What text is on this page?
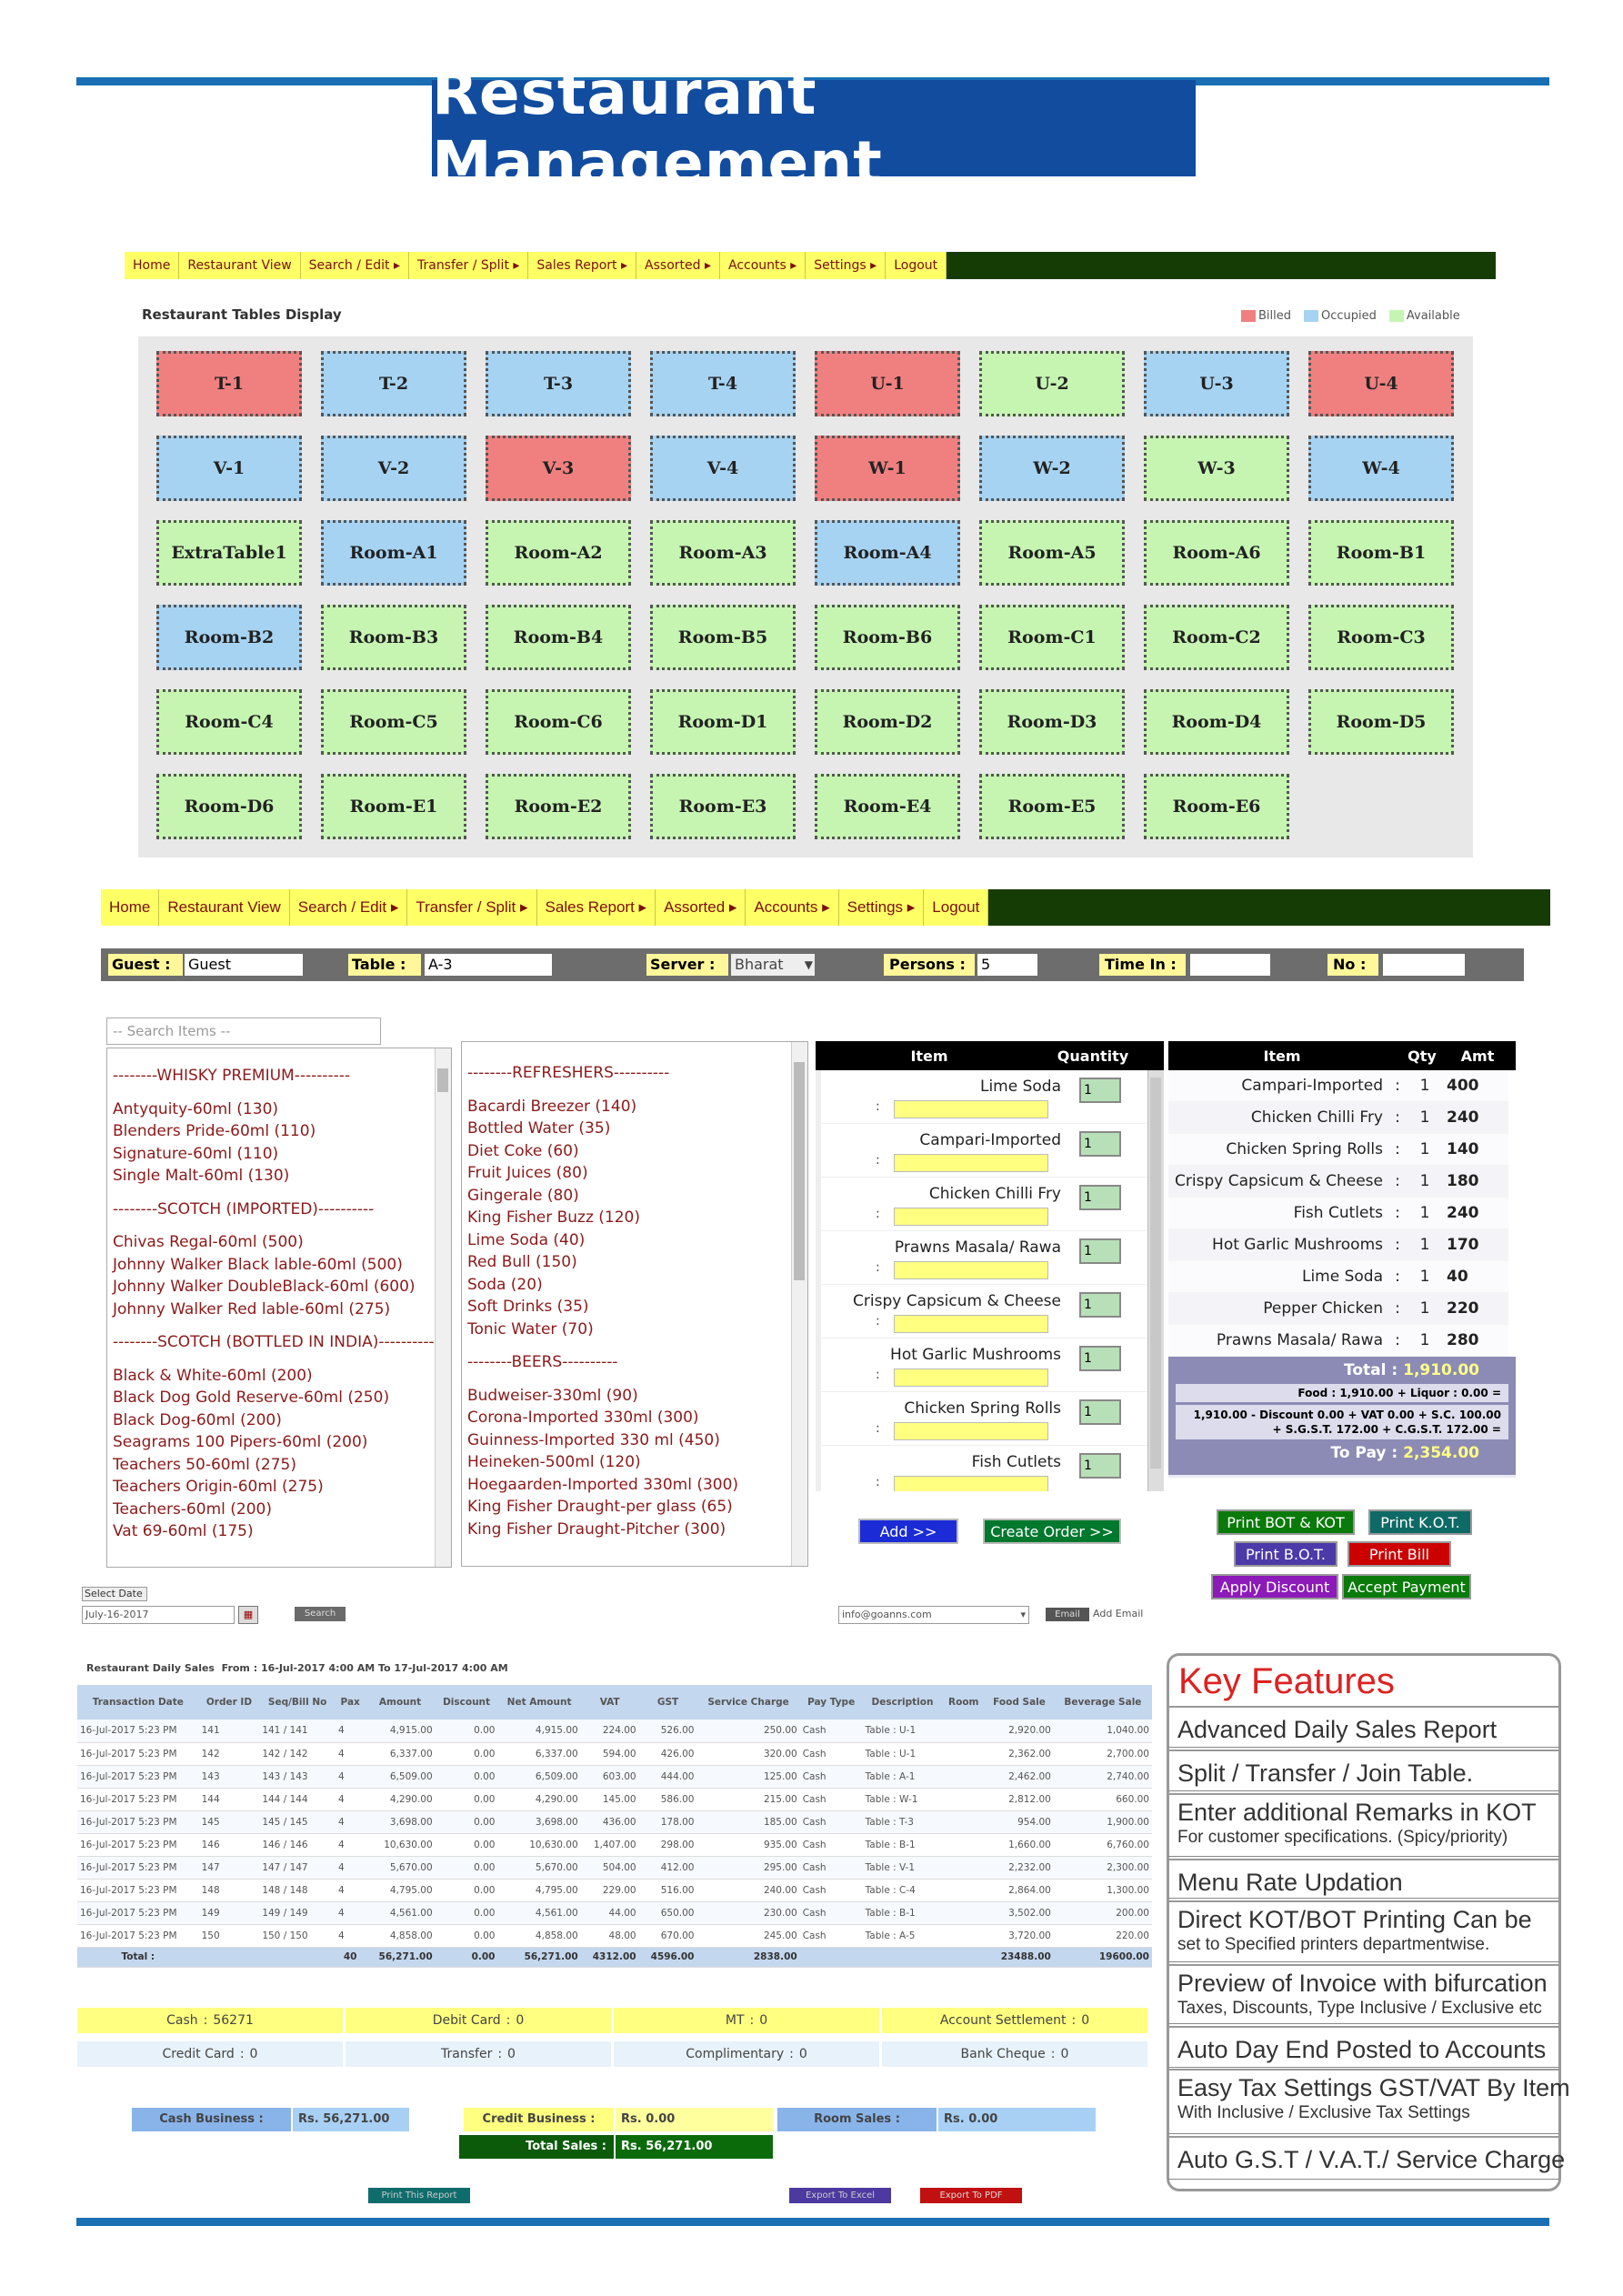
Restaurant Management
Home	Restaurant View	Search / Edit ▸	Transfer / Split ▸	Sales Report ▸	Assorted ▸	Accounts ▸	Settings ▸	Logout
Restaurant Tables Display	Billed	Occupied	Available
T-1	T-2	T-3	T-4	U-1	U-2	U-3	U-4
V-1	V-2	V-3	V-4	W-1	W-2	W-3	W-4
ExtraTable1	Room-A1	Room-A2	Room-A3	Room-A4	Room-A5	Room-A6	Room-B1
Room-B2	Room-B3	Room-B4	Room-B5	Room-B6	Room-C1	Room-C2	Room-C3
Room-C4	Room-C5	Room-C6	Room-D1	Room-D2	Room-D3	Room-D4	Room-D5
Room-D6	Room-E1	Room-E2	Room-E3	Room-E4	Room-E5	Room-E6
Home	Restaurant View	Search / Edit ▸	Transfer / Split ▸	Sales Report ▸	Assorted ▸	Accounts ▸	Settings ▸	Logout
Guest :	Guest	Table :	A-3	Server :	Bharat ▼	Persons :	5	Time In :	No :
-- Search Items --
--------WHISKY PREMIUM----------
Antyquity-60ml (130)
Blenders Pride-60ml (110)
Signature-60ml (110)
Single Malt-60ml (130)
--------SCOTCH (IMPORTED)----------
Chivas Regal-60ml (500)
Johnny Walker Black lable-60ml (500)
Johnny Walker DoubleBlack-60ml (600)
Johnny Walker Red lable-60ml (275)
--------SCOTCH (BOTTLED IN INDIA)----------
Black & White-60ml (200)
Black Dog Gold Reserve-60ml (250)
Black Dog-60ml (200)
Seagrams 100 Pipers-60ml (200)
Teachers 50-60ml (275)
Teachers Origin-60ml (275)
Teachers-60ml (200)
Vat 69-60ml (175)
--------REFRESHERS----------
Bacardi Breezer (140)
Bottled Water (35)
Diet Coke (60)
Fruit Juices (80)
Gingerale (80)
King Fisher Buzz (120)
Lime Soda (40)
Red Bull (150)
Soda (20)
Soft Drinks (35)
Tonic Water (70)
--------BEERS----------
Budweiser-330ml (90)
Corona-Imported 330ml (300)
Guinness-Imported 330 ml (450)
Heineken-500ml (120)
Hoegaarden-Imported 330ml (300)
King Fisher Draught-per glass (65)
King Fisher Draught-Pitcher (300)
Item	Quantity
Lime Soda
:
1
Campari-Imported
:
1
Chicken Chilli Fry
:
1
Prawns Masala/ Rawa
:
1
Crispy Capsicum & Cheese
:
1
Hot Garlic Mushrooms
:
1
Chicken Spring Rolls
:
1
Fish Cutlets
:
1
Add >>	Create Order >>
Item	Qty	Amt
Campari-Imported :	1	400
Chicken Chilli Fry :	1	240
Chicken Spring Rolls :	1	140
Crispy Capsicum & Cheese :	1	180
Fish Cutlets :	1	240
Hot Garlic Mushrooms :	1	170
Lime Soda :	1	40
Pepper Chicken :	1	220
Prawns Masala/ Rawa :	1	280
Total : 1,910.00
Food : 1,910.00 + Liquor : 0.00 =
1,910.00 - Discount 0.00 + VAT 0.00 + S.C. 100.00 + S.G.S.T. 172.00 + C.G.S.T. 172.00 =
To Pay : 2,354.00
Print BOT & KOT	Print K.O.T.
Print B.O.T.	Print Bill
Apply Discount	Accept Payment
Select Date
July-16-2017	▦	Search	info@goanns.com	▾	Email	Add Email
Restaurant Daily Sales  From : 16-Jul-2017 4:00 AM To 17-Jul-2017 4:00 AM
Transaction Date	Order ID	Seq/Bill No	Pax	Amount	Discount	Net Amount	VAT	GST	Service Charge	Pay Type	Description	Room	Food Sale	Beverage Sale
16-Jul-2017 5:23 PM	141	141 / 141	4	4,915.00	0.00	4,915.00	224.00	526.00	250.00	Cash	Table : U-1		2,920.00	1,040.00
16-Jul-2017 5:23 PM	142	142 / 142	4	6,337.00	0.00	6,337.00	594.00	426.00	320.00	Cash	Table : U-1		2,362.00	2,700.00
16-Jul-2017 5:23 PM	143	143 / 143	4	6,509.00	0.00	6,509.00	603.00	444.00	125.00	Cash	Table : A-1		2,462.00	2,740.00
16-Jul-2017 5:23 PM	144	144 / 144	4	4,290.00	0.00	4,290.00	145.00	586.00	215.00	Cash	Table : W-1		2,812.00	660.00
16-Jul-2017 5:23 PM	145	145 / 145	4	3,698.00	0.00	3,698.00	436.00	178.00	185.00	Cash	Table : T-3		954.00	1,900.00
16-Jul-2017 5:23 PM	146	146 / 146	4	10,630.00	0.00	10,630.00	1,407.00	298.00	935.00	Cash	Table : B-1		1,660.00	6,760.00
16-Jul-2017 5:23 PM	147	147 / 147	4	5,670.00	0.00	5,670.00	504.00	412.00	295.00	Cash	Table : V-1		2,232.00	2,300.00
16-Jul-2017 5:23 PM	148	148 / 148	4	4,795.00	0.00	4,795.00	229.00	516.00	240.00	Cash	Table : C-4		2,864.00	1,300.00
16-Jul-2017 5:23 PM	149	149 / 149	4	4,561.00	0.00	4,561.00	44.00	650.00	230.00	Cash	Table : B-1		3,502.00	200.00
16-Jul-2017 5:23 PM	150	150 / 150	4	4,858.00	0.00	4,858.00	48.00	670.00	245.00	Cash	Table : A-5		3,720.00	220.00
Total :			40	56,271.00	0.00	56,271.00	4312.00	4596.00	2838.00				23488.00	19600.00
Cash : 56271	Debit Card : 0	MT : 0	Account Settlement : 0
Credit Card : 0	Transfer : 0	Complimentary : 0	Bank Cheque : 0
Cash Business :	Rs. 56,271.00	Credit Business :	Rs. 0.00	Room Sales :	Rs. 0.00
Total Sales :	Rs. 56,271.00
Print This Report	Export To Excel	Export To PDF
Key Features
Advanced Daily Sales Report
Split / Transfer / Join Table.
Enter additional Remarks in KOT
For customer specifications. (Spicy/priority)
Menu Rate Updation
Direct KOT/BOT Printing Can be
set to Specified printers departmentwise.
Preview of Invoice with bifurcation
Taxes, Discounts, Type Inclusive / Exclusive etc
Auto Day End Posted to Accounts
Easy Tax Settings GST/VAT By Item
With Inclusive / Exclusive Tax Settings
Auto G.S.T / V.A.T./ Service Charge
